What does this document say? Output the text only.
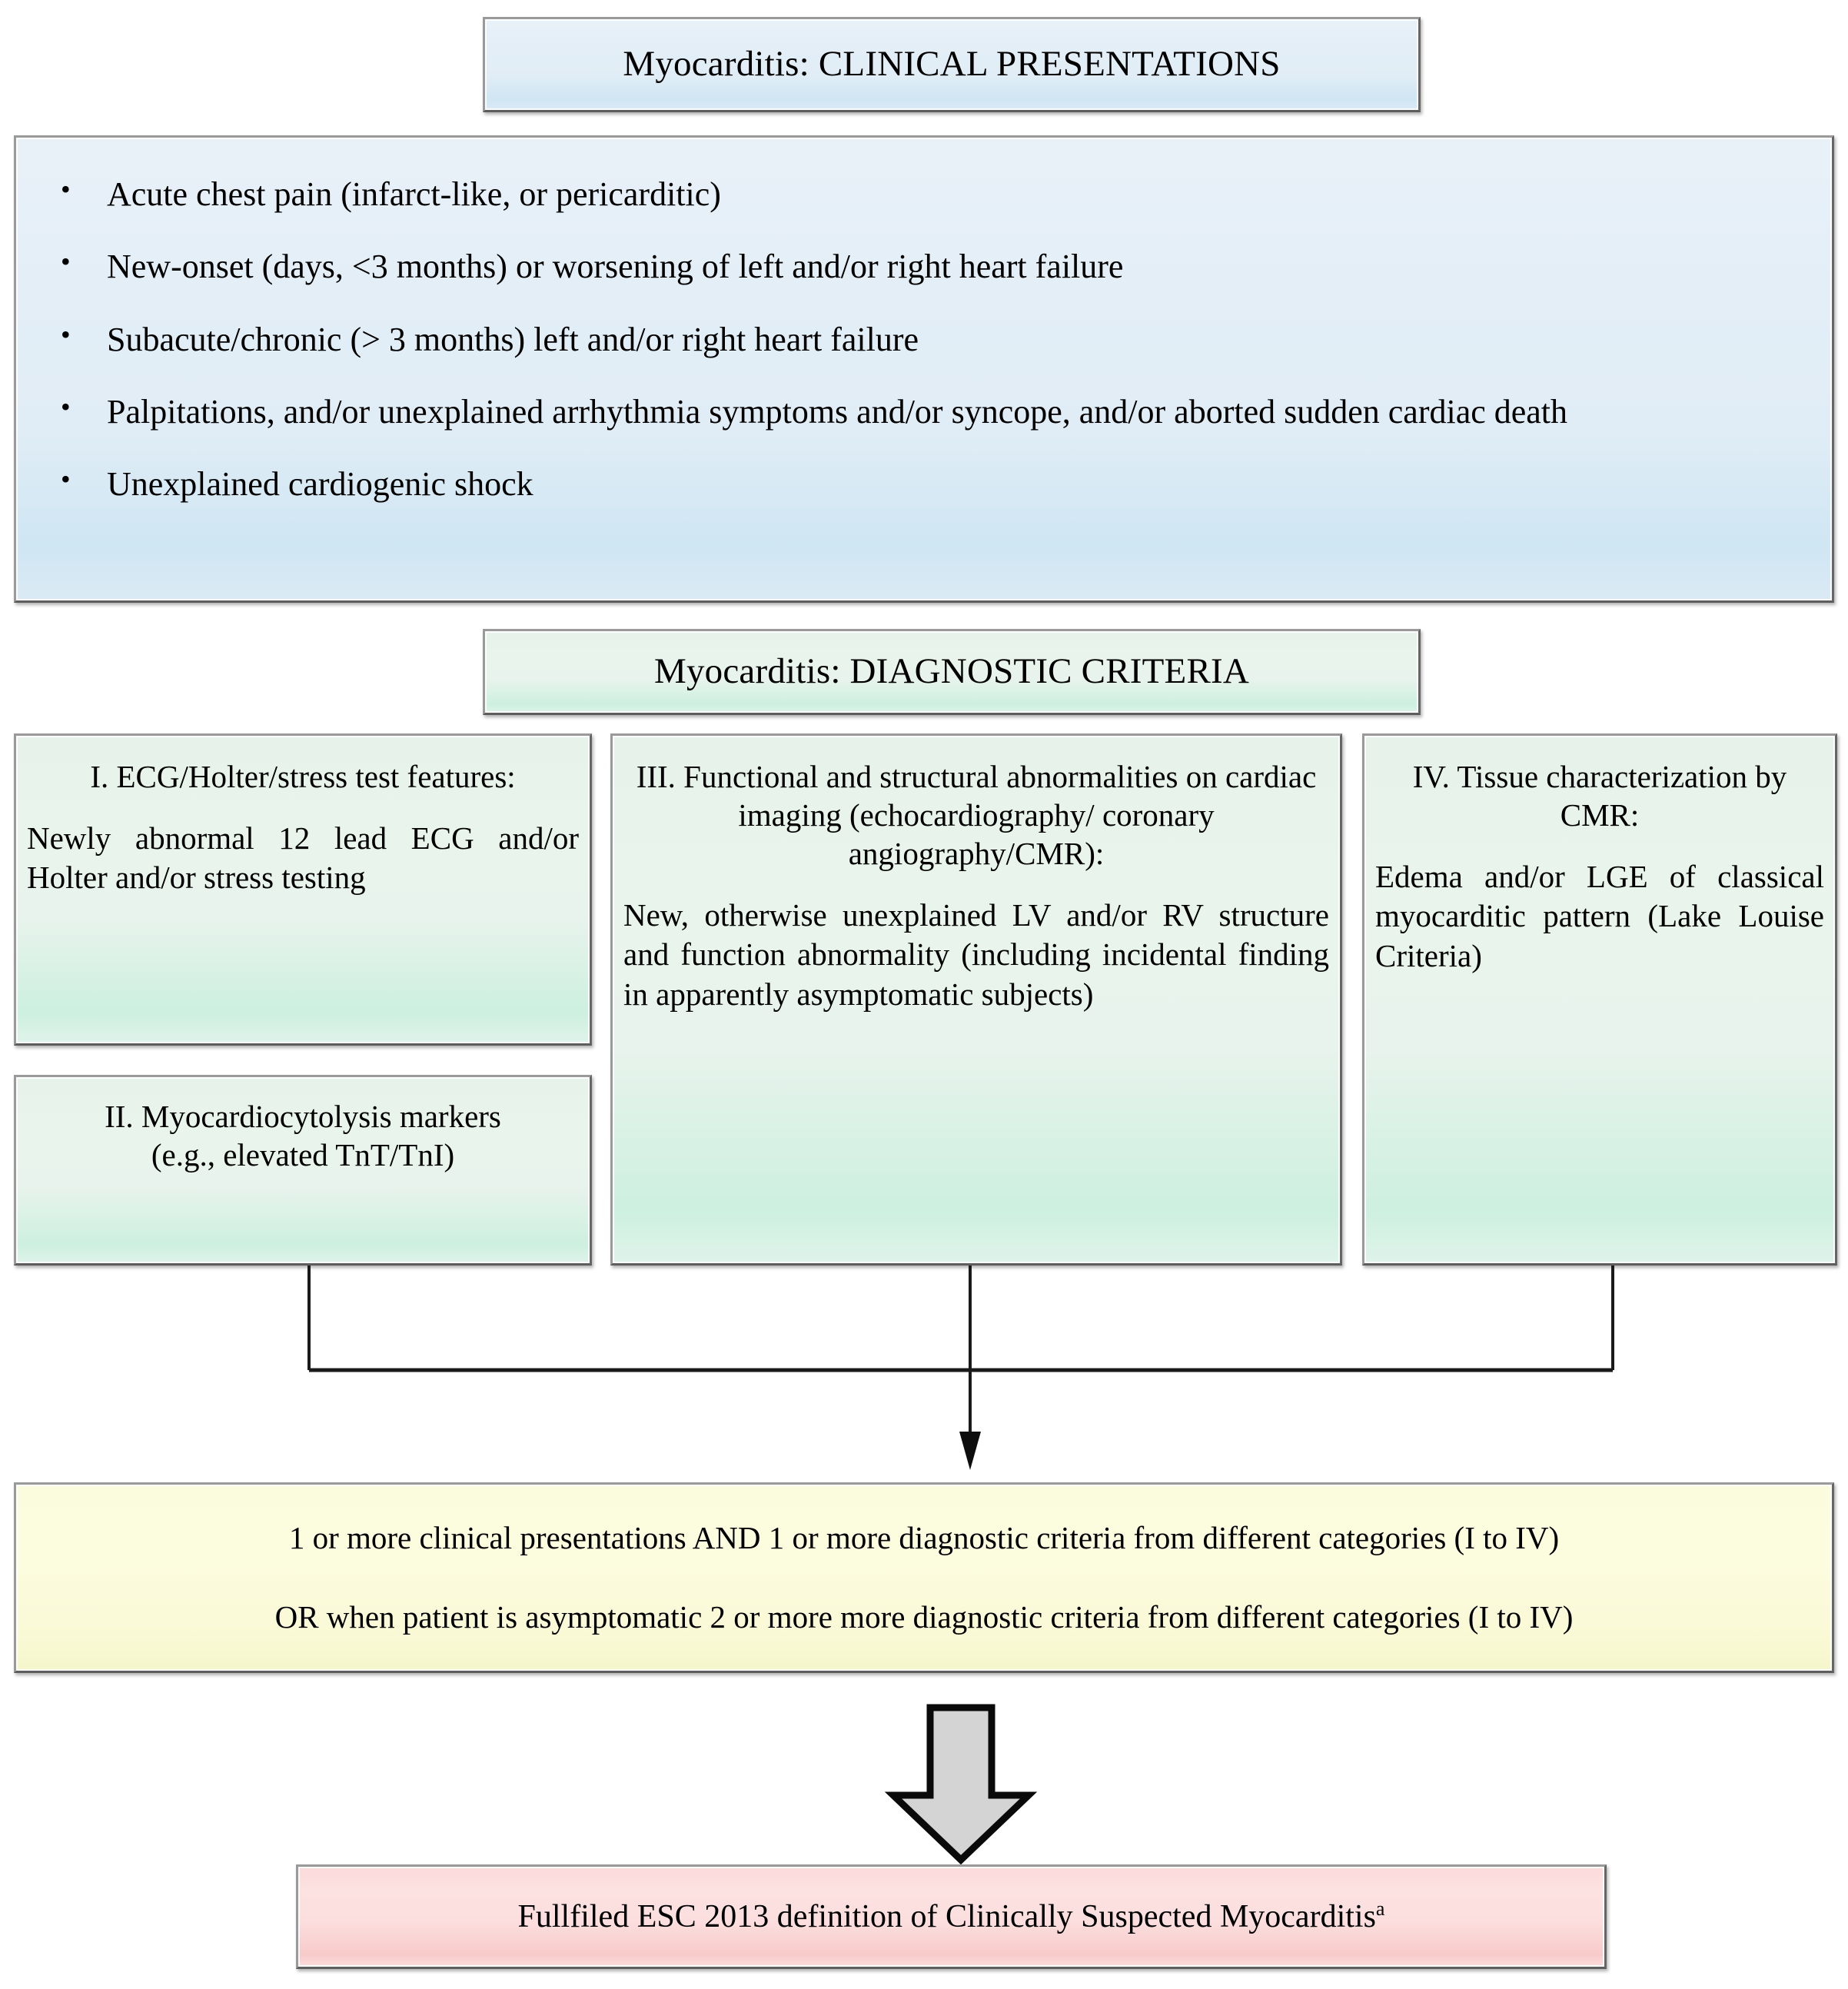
Myocarditis: CLINICAL PRESENTATIONS
• Acute chest pain (infarct-like, or pericarditic)
• New-onset (days, <3 months) or worsening of left and/or right heart failure
• Subacute/chronic (> 3 months) left and/or right heart failure
• Palpitations, and/or unexplained arrhythmia symptoms and/or syncope, and/or aborted sudden cardiac death
• Unexplained cardiogenic shock
Myocarditis: DIAGNOSTIC CRITERIA
I. ECG/Holter/stress test features:
Newly abnormal 12 lead ECG and/or Holter and/or stress testing
II. Myocardiocytolysis markers
(e.g., elevated TnT/TnI)
III. Functional and structural abnormalities on cardiac imaging (echocardiography/ coronary angiography/CMR):
New, otherwise unexplained LV and/or RV structure and function abnormality (including incidental finding in apparently asymptomatic subjects)
IV. Tissue characterization by CMR:
Edema and/or LGE of classical myocarditic pattern (Lake Louise Criteria)
1 or more clinical presentations AND 1 or more diagnostic criteria from different categories (I to IV)
OR when patient is asymptomatic 2 or more more diagnostic criteria from different categories (I to IV)
Fullfiled ESC 2013 definition of Clinically Suspected Myocarditis$^a$
